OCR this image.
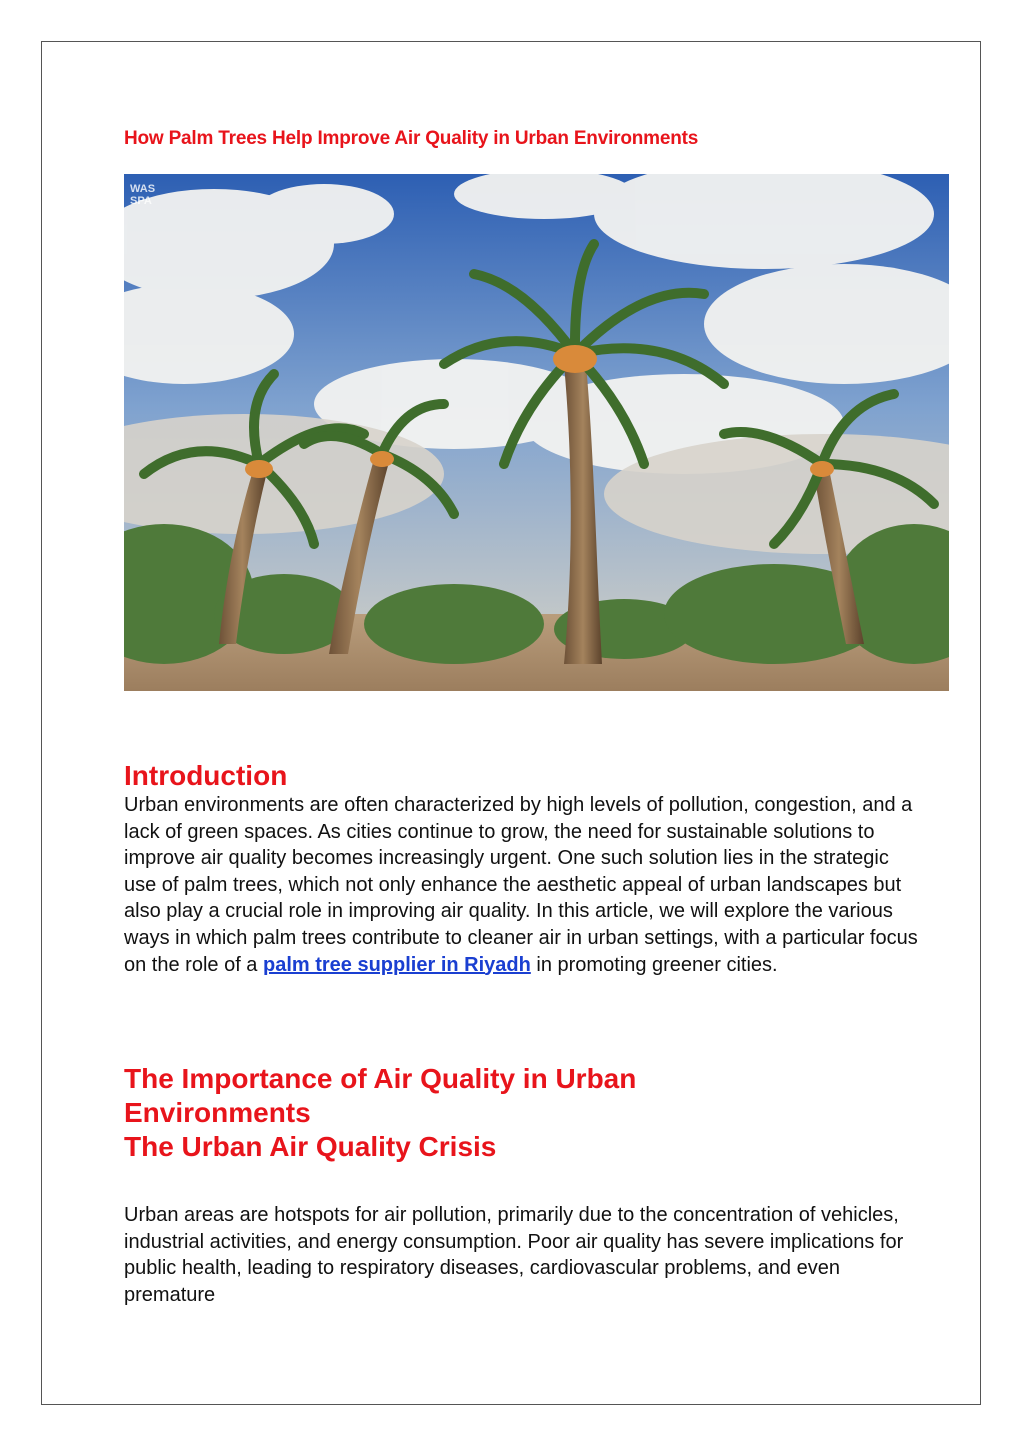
How Palm Trees Help Improve Air Quality in Urban Environments
WAS
SPA
Introduction

Urban environments are often characterized by high levels of pollution, congestion, and a lack of green spaces. As cities continue to grow, the need for sustainable solutions to improve air quality becomes increasingly urgent. One such solution lies in the strategic use of palm trees, which not only enhance the aesthetic appeal of urban landscapes but also play a crucial role in improving air quality. In this article, we will explore the various ways in which palm trees contribute to cleaner air in urban settings, with a particular focus on the role of a palm tree supplier in Riyadh in promoting greener cities.

The Importance of Air Quality in Urban
Environments
The Urban Air Quality Crisis

Urban areas are hotspots for air pollution, primarily due to the concentration of vehicles, industrial activities, and energy consumption. Poor air quality has severe implications for public health, leading to respiratory diseases, cardiovascular problems, and even premature
